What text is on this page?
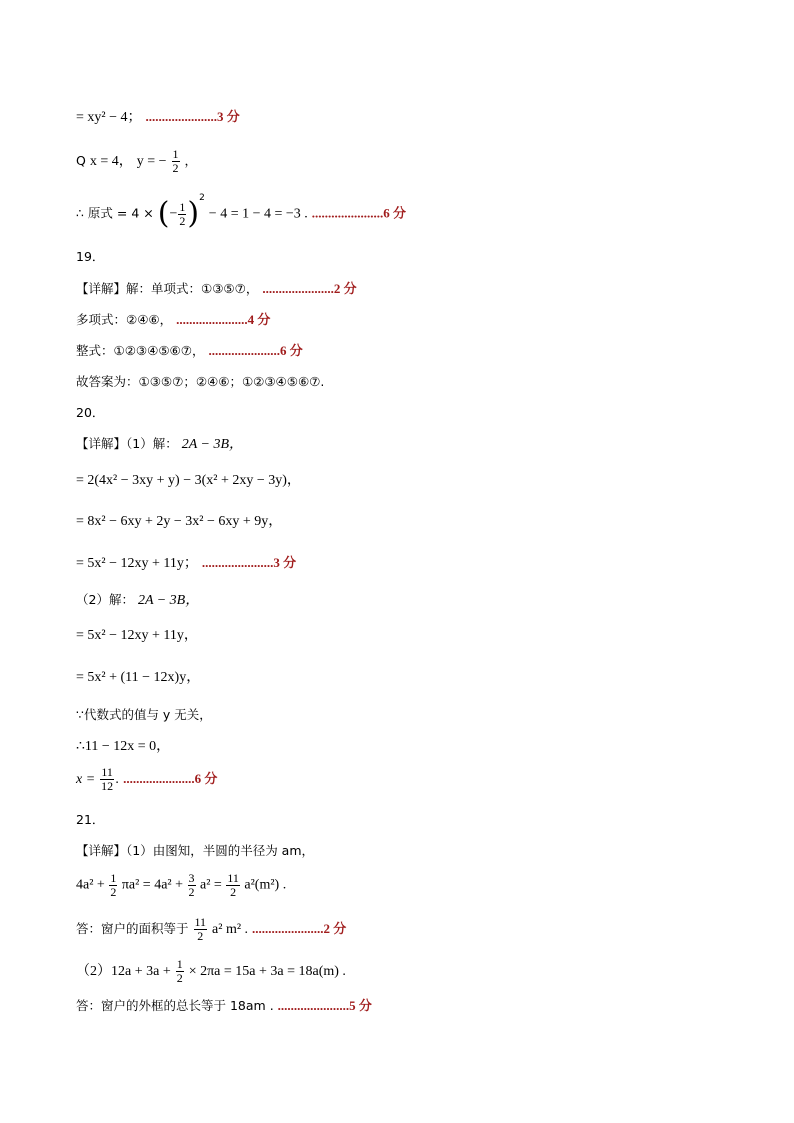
= xy² − 4； ......................3 分
Q x = 4， y = − $\frac{1}{2}$ ，
∴ 原式 = 4 × (− $\frac{1}{2} )^2 - 4 = 1 - 4 = -3$ . ......................6 分
19．
【详解】解：单项式：①③⑤⑦， ......................2 分
多项式：②④⑥， ......................4 分
整式：①②③④⑤⑥⑦， ......................6 分
故答案为：①③⑤⑦；②④⑥；①②③④⑤⑥⑦.
20．
【详解】（1）解： 2A − 3B，
= 2(4x² − 3xy + y) − 3(x² + 2xy − 3y)，
= 8x² − 6xy + 2y − 3x² − 6xy + 9y，
= 5x² − 12xy + 11y； ......................3 分
（2）解： 2A − 3B，
= 5x² − 12xy + 11y，
= 5x² + (11 − 12x)y，
∵代数式的值与 y 无关，
∴11 − 12x = 0，
$x = \frac{11}{12}$ . ......................6 分
21．
【详解】（1）由图知，半圆的半径为 am，
$4a^2 + \frac{1}{2} \pi a^2 = 4a^2 + \frac{3}{2} a^2 = \frac{11}{2} a^2(m^2)$ .
答：窗户的面积等于 $\frac{11}{2} a^2$ m² . ......................2 分
$(2)12a + 3a + \frac{1}{2} \times 2\pi a = 15a + 3a = 18a(m)$ .
答：窗户的外框的总长等于 18am . ......................5 分
